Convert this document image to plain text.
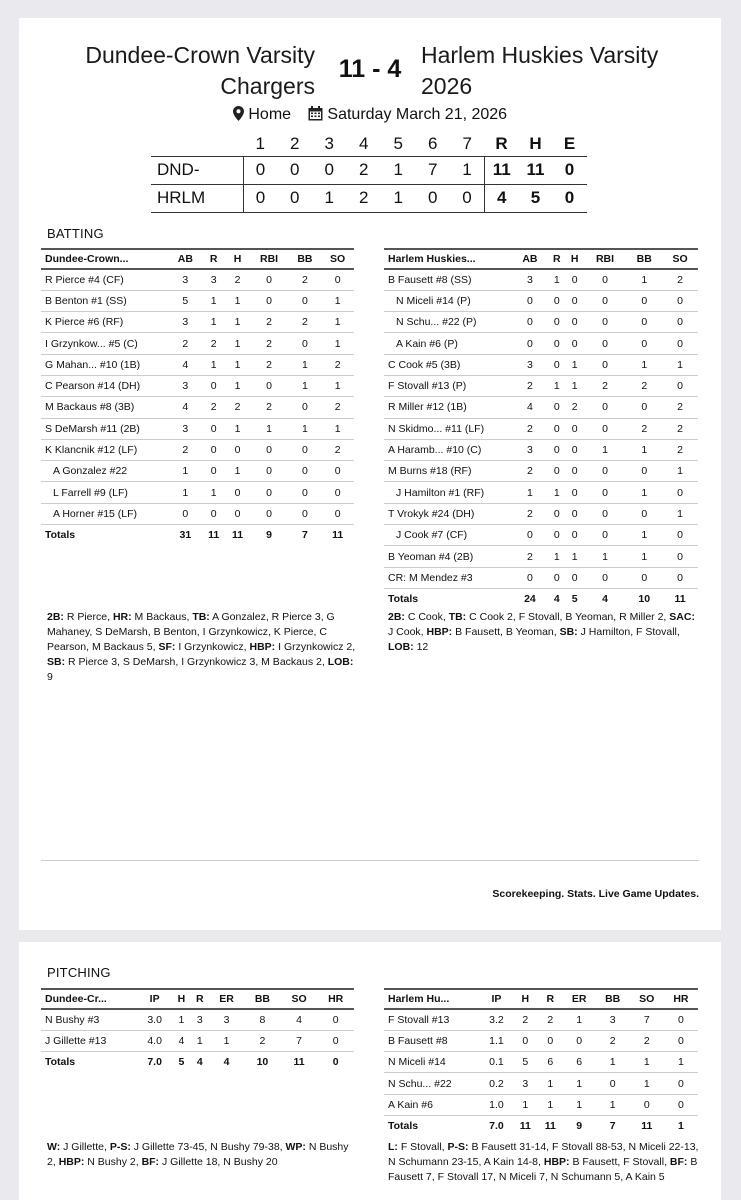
Dundee-Crown Varsity Chargers
11 - 4 Harlem Huskies Varsity 2026
Home Saturday March 21, 2026
	1	2	3	4	5	6	7	R	H	E
DND-	0	0	0	2	1	7	1	11	11	0
HRLM	0	0	1	2	1	0	0	4	5	0
BATTING
Dundee-Crown...	AB	R	H	RBI	BB	SO
R Pierce #4 (CF)	3	3	2	0	2	0
B Benton #1 (SS)	5	1	1	0	0	1
K Pierce #6 (RF)	3	1	1	2	2	1
I Grzynkow... #5 (C)	2	2	1	2	0	1
G Mahan... #10 (1B)	4	1	1	2	1	2
C Pearson #14 (DH)	3	0	1	0	1	1
M Backaus #8 (3B)	4	2	2	2	0	2
S DeMarsh #11 (2B)	3	0	1	1	1	1
K Klancnik #12 (LF)	2	0	0	0	0	2
A Gonzalez #22	1	0	1	0	0	0
L Farrell #9 (LF)	1	1	0	0	0	0
A Horner #15 (LF)	0	0	0	0	0	0
Totals	31	11	11	9	7	11
Harlem Huskies...	AB	R	H	RBI	BB	SO
B Fausett #8 (SS)	3	1	0	0	1	2
N Miceli #14 (P)	0	0	0	0	0	0
N Schu... #22 (P)	0	0	0	0	0	0
A Kain #6 (P)	0	0	0	0	0	0
C Cook #5 (3B)	3	0	1	0	1	1
F Stovall #13 (P)	2	1	1	2	2	0
R Miller #12 (1B)	4	0	2	0	0	2
N Skidmo... #11 (LF)	2	0	0	0	2	2
A Haramb... #10 (C)	3	0	0	1	1	2
M Burns #18 (RF)	2	0	0	0	0	1
J Hamilton #1 (RF)	1	1	0	0	1	0
T Vrokyk #24 (DH)	2	0	0	0	0	1
J Cook #7 (CF)	0	0	0	0	1	0
B Yeoman #4 (2B)	2	1	1	1	1	0
CR: M Mendez #3	0	0	0	0	0	0
Totals	24	4	5	4	10	11
2B: R Pierce, HR: M Backaus, TB: A Gonzalez, R Pierce 3, G Mahaney, S DeMarsh, B Benton, I Grzynkowicz, K Pierce, C Pearson, M Backaus 5, SF: I Grzynkowicz, HBP: I Grzynkowicz 2, SB: R Pierce 3, S DeMarsh, I Grzynkowicz 3, M Backaus 2, LOB: 9
2B: C Cook, TB: C Cook 2, F Stovall, B Yeoman, R Miller 2, SAC: J Cook, HBP: B Fausett, B Yeoman, SB: J Hamilton, F Stovall, LOB: 12
Scorekeeping. Stats. Live Game Updates.
PITCHING
Dundee-Cr...	IP	H	R	ER	BB	SO	HR
N Bushy #3	3.0	1	3	3	8	4	0
J Gillette #13	4.0	4	1	1	2	7	0
Totals	7.0	5	4	4	10	11	0
Harlem Hu...	IP	H	R	ER	BB	SO	HR
F Stovall #13	3.2	2	2	1	3	7	0
B Fausett #8	1.1	0	0	0	2	2	0
N Miceli #14	0.1	5	6	6	1	1	1
N Schu... #22	0.2	3	1	1	0	1	0
A Kain #6	1.0	1	1	1	1	0	0
Totals	7.0	11	11	9	7	11	1
W: J Gillette, P-S: J Gillette 73-45, N Bushy 79-38, WP: N Bushy 2, HBP: N Bushy 2, BF: J Gillette 18, N Bushy 20
L: F Stovall, P-S: B Fausett 31-14, F Stovall 88-53, N Miceli 22-13, N Schumann 23-15, A Kain 14-8, HBP: B Fausett, F Stovall, BF: B Fausett 7, F Stovall 17, N Miceli 7, N Schumann 5, A Kain 5
